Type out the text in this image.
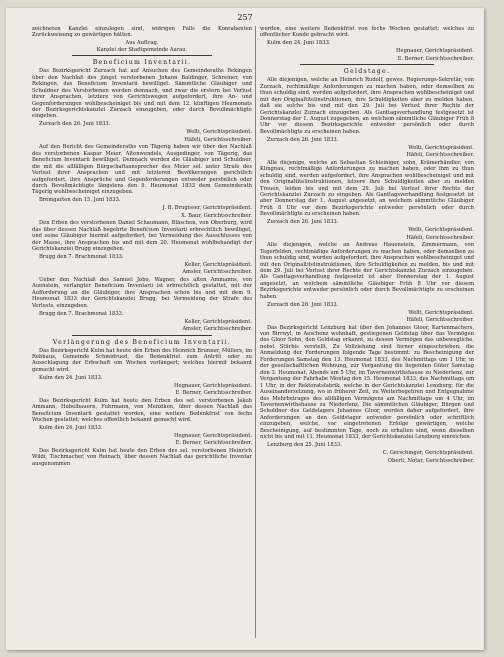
257

zeichneten Kanzlei einzulegen sind, widrigen Falls die Konrahenten Zurückweisung zu gewärtigen hätten.

Aus Auftrag.

Kanzlei der Stadtgemeinde Aarau.

Beneficium Inventarii.

Das Bezirksgericht Zurzach hat auf Ansuchen des Gemeinderaths Rekingen über den Nachlaß des jüngst verstorbenen Johann Baldinger, Schreiner, von Rekingen, das Beneficium Inventarii bewilliget. Sämmtliche Gläubiger und Schuldner des Verstorbenen werden demnach, und zwar die erstern bei Verlust ihrer Ansprachen, letztere von Gerichtswegen aufgefordert, ihre An- und Gegenforderungen wohlbescheiniget bis und mit dem 12. künftigen Heumonats der Bezirksgerichtskanzlei Zurzach einzugeben, oder durch Bevollmächtigte eingeben.

Zurzach den 26. Juni 1833.

Welti, Gerichtspräsident.

Häfeli, Gerichtsschreiber.

Auf den Bericht des Gemeinderaths von Tägerig haben wir über den Nachlaß des verstorbenen Kaspar Meier, Altenwendels, Ausgedinger, von Tägerig, das Beneficium Inventarii bewilliget. Demnach werden die Gläubiger und Schuldner, die mit die allfälligen Bürgschaftsansprecher des Meier sel. unter Strafe des Verlust ihrer Ansprachen und mit letzteren Bevölkerungen gerichtlich aufgefordert, ihre Ansprüche und Gegenforderungen entweder persönlich oder durch Bevollmächtigte längstens den 9. Heumonat 1833 dem Gemeinderath Tägerig wohlbescheiniget einzugeben.

Bremgarten den 15. Juni 1833.

J. B. Brugisser, Gerichtspräsident.

X. Baur, Gerichtsschreiber.

Den Erben des verstorbenen Daniel Schaumann, Bläschen, von Oberburg, wird das über dessen Nachlaß begehrte Beneficium Inventarii erbrechtlich bewilliget, und seine Gläubiger hiermit aufgefordert, bei Vermeidung des Ausschlusses von der Masse, ihre Ansprachen bis und mit dem 20. Heumonat wohlbehandigt der Gerichtskanzlei Brugg einzugeben.

Brugg den 7. Brachmonat 1833.

Keller, Gerichtspräsident.

Amsler, Gerichtsschreiber.

Ueber den Nachlaß des Samuel Jobo, Wagner, des alten Ammanns, von Auenstein, verlangter Beneficium Inventarii ist erbrechtlich gestattet, mit der Aufforderung an die Gläubiger, ihre Ansprachen schon bis und mit dem 9. Heumonat 1833 der Gerichtskanzlei Brugg, bei Vermeidung der Strafe des Verlusts, einzugeben.

Brugg den 7. Brachmonat 1833.

Keller, Gerichtspräsident.

Amsler, Gerichtsschreiber.

Verlängerung des Beneficium Inventarii.

Das Bezirksgericht Kulm hat heute den Erben des Heinrich Brunner, Müllers, im Rebhaus, Gemeinde Schmidrued, die Bedenkfrist zum Antritt oder zu Ausschlagung der Erbschaft um Wochen verlängert; welches hiermit bekannt gemacht wird.

Kulm den 24. Juni 1833.

Hegnauer, Gerichtspräsident.

E. Berner, Gerichtsschreiber.

Das Bezirksgericht Kulm hat heute den Erben des sel. verstorbenen Jakob Ammann, Hubelbauern, Fuhrmann, von Menziken, über dessen Nachlaß das Beneficium Inventarii gestattet worden, eine weitere Bedenkfrist von fechs Wochen gestattet; welches offentlich bekannt gemacht wird.

Kulm den 24. Juni 1833.

Hegnauer, Gerichtspräsident.

E. Berner, Gerichtsschreiber.

Das Bezirksgericht Kulm hat heute den Erben des sel. verstorbenen Heinrich Wildi, Tischmacher, von Reinach, über dessen Nachlaß das gerichtliche Inventar ausgenommen

worden, eine weitere Bedenkfrist von fechs Wochen gestattet; welches zu offentlicher Kunde gebracht wird.

Kulm den 24. Juni 1833.

Hegnauer, Gerichtspräsident.

E. Berner, Gerichtsschreiber.

Geldstage.

Alle diejenigen, welche an Heinrich Rudolf, gewes. Regierungs-Sekretär, von Zurzach, rechtmäßige Anforderungen zu machen haben, oder demselben zu thun schuldig sind, werden aufgefordert, ihre Ansprachen wohlbescheiniget und mit den Originaltitelinstruktionen, ihre Schuldigkeiten aber zu melden haben, daß sie solche bis und mit den 29. Juli bei Verlust ihrer Rechte der Gerichtskanzlei Zurzach einzugeben. Als Ganttagsverhandlung festgesetzt ist Donnerstag der 1. August zugegeben, an welchem sämmtliche Gläubiger Früh 8 Uhr vor diesem Bezirksgerichte entweder persönlich oder durch Bevollmächtigte zu erscheinen haben.

Zurzach den 26. Juni 1833.

Welti, Gerichtspräsident.

Häfeli, Gerichtsschreiber.

Alle diejenige, welche an Sebastian Schleiniger, sohn, Krämerhändler, von Klingnau, rechtmäßige Anforderungen zu machen haben, oder ihm zu thun schuldig sind, werden aufgefordert, ihre Ansprachen wohlbescheiniget und mit den Originaltitelinstruktionen, letzere ihre Schuldigkeiten aber zu melden Treuen, leiden bis und mit dem 29. Juli bei Verlust ihrer Rechte der Gerichtskanzlei Zurzach zu eingeben. Als Ganttagsverhandlung festgesetzt ist aber Donnerstag der 1. August angesetzt, an welchem sämmtliche Gläubiger Früh 8 Uhr vor dem Bezirksgerichte entweder persönlich oder durch Bevollmächtigte zu erscheinen haben.

Zurzach den 26. Juni 1833.

Welti, Gerichtspräsident.

Häfeli, Gerichtsschreiber.

Alle diejenigen, welche an Andreas Hauenstein, Zimmermann, von Tegerfelden, rechtmäßige Anforderungen zu machen haben, oder demselben zu thun schuldig sind, werden aufgefordert, ihre Ansprachen wohlbescheiniget und mit den Originaltitelinstruktionen, ihre Schuldigkeiten zu melden, bis und mit dem 29. Juli bei Verlust ihrer Rechte der Gerichtskanzlei Zurzach einzugeben. Als Ganttagsverhandlung festgesetzt ist aber Donnerstag der 1. August angesetzt, an welchem sämmtliche Gläubiger Früh 8 Uhr vor diesem Bezirksgerichte entweder persönlich oder durch Bevollmächtigte zu erscheinen haben.

Zurzach den 26. Juni 1833.

Welti, Gerichtspräsident.

Häfeli, Gerichtsschreiber.

Das Bezirksgericht Lenzburg hat über den Johannes Gloor, Kartenmachers, von Birrwyl, in Aeschenz wohnhaft, gestiegenen Geldstag über das Vermögen des Gloor Sohn, den Geldstag erkannt, zu dessen Vermögen das unbewegliche, nebst Stürbis verstellt. Zu Vollziehung sind ferner eingeschrieben: die Anmeldung der Forderungen folgende Tage bestimmt: zu Bescheinigung der Forderungen Samstag den 13. Heumonat 1833, des Nachmittags um 1 Uhr, in der gesellschaftlichen Wohnung, zur Vergantung die liegenden Güter Samstag den 3. Heumonat, Abends um 5 Uhr, im Tavernenwirthshause zu Niederlenz, zur Vergantung der Fahrhabe Montag den 15. Heumonat 1833, des Nachmittags um 1 Uhr, in der Rektoratsfabrik, welche in der Gerichtskanzlei Lenzburg; für die Auseinandersetzung, wo in früherer Zeit, zu Weiterbegehren und Entgegnahme des Mehrbetrages des allfälligen Vermögens am Nachmittage um 4 Uhr, im Tavernenwirthshause zu Niederlenz. Die sämmtlichen Gläubiger, Bürgen und Schuldner des Geldstagers Johannes Gloor, werden daher aufgefordert, ihre Anforderungen an den Geldstager entweder persönlich oder schriftlich einzugeben, welche, vor eingetretenen Erfolge gewärtigen, welche Bescheinigung, auf bestimmten Tage, noch zu erhalten sind, wenn dieselben nicht bis und mit 11. Heumonat 1833, der Gerichtskanzlei Lenzburg einreichen.

Lenzburg den 25. Juni 1833.

C. Gerschinger, Gerichtspräsident.

Oberli, Notar, Gerichtsschreiber.
